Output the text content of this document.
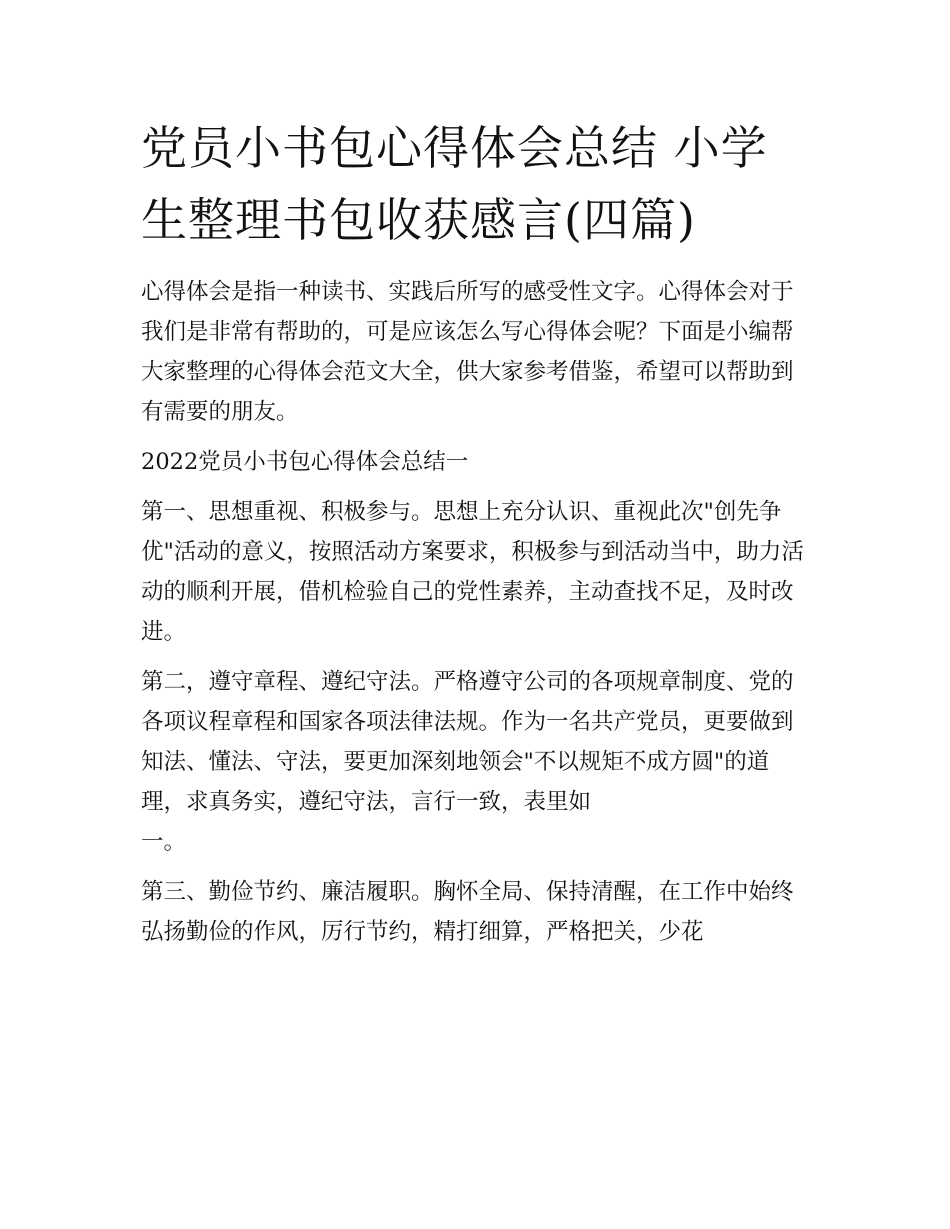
党员小书包心得体会总结 小学生整理书包收获感言(四篇)

心得体会是指一种读书、实践后所写的感受性文字。心得体会对于我们是非常有帮助的，可是应该怎么写心得体会呢？下面是小编帮大家整理的心得体会范文大全，供大家参考借鉴，希望可以帮助到有需要的朋友。

2022党员小书包心得体会总结一

第一、思想重视、积极参与。思想上充分认识、重视此次"创先争优"活动的意义，按照活动方案要求，积极参与到活动当中，助力活动的顺利开展，借机检验自己的党性素养，主动查找不足，及时改进。

第二，遵守章程、遵纪守法。严格遵守公司的各项规章制度、党的各项议程章程和国家各项法律法规。作为一名共产党员，更要做到知法、懂法、守法，要更加深刻地领会"不以规矩不成方圆"的道理，求真务实，遵纪守法，言行一致，表里如

一。

第三、勤俭节约、廉洁履职。胸怀全局、保持清醒，在工作中始终弘扬勤俭的作风，厉行节约，精打细算，严格把关，少花
